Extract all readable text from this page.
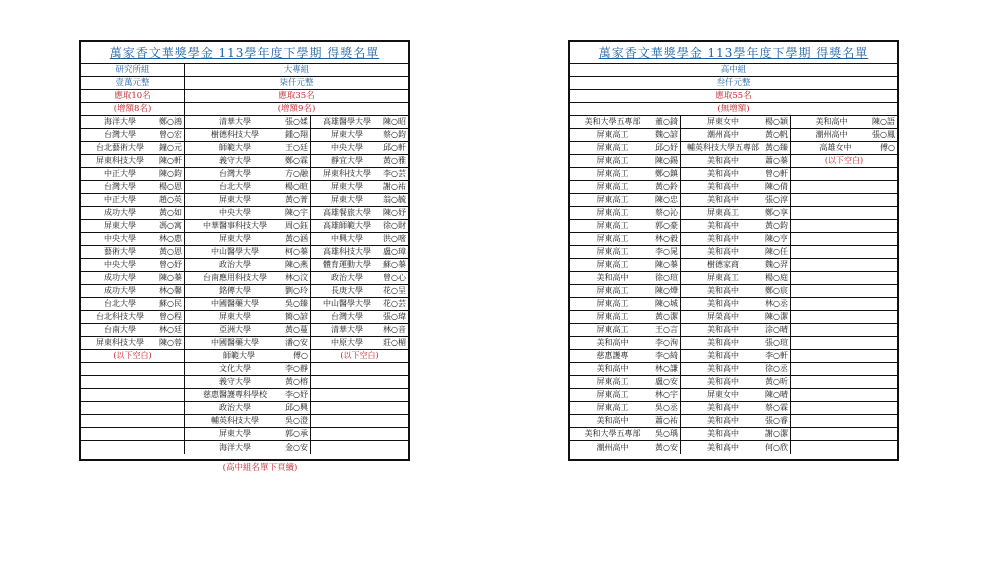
萬家香文華獎學金 113學年度下學期 得獎名單
研究所組	大專組
壹萬元整	柒仟元整
應取10名	應取35名
(增額8名)	(增額9名)
海洋大學	鄭○鴻	清華大學	張○媃	高雄醫學大學	陳○昭
台灣大學	曾○宏	樹德科技大學	鍾○翔	屏東大學	蔡○鈞
台北藝術大學	鐘○元	師範大學	王○廷	中央大學	邱○軒
屏東科技大學	陳○軒	義守大學	鄭○霖	靜宜大學	黃○雅
中正大學	陳○鈞	台灣大學	方○融	屏東科技大學	李○芸
台灣大學	楊○恩	台北大學	楊○暄	屏東大學	謝○祐
中正大學	趙○英	屏東大學	黃○菁	屏東大學	翁○毓
成功大學	黃○如	中央大學	陳○宇	高雄餐旅大學	陳○妤
屏東大學	馮○寓	中華醫事科技大學	周○鈺	高雄師範大學	徐○財
中央大學	林○惠	屏東大學	黃○涵	中興大學	洪○嘧
藝術大學	黃○恩	中山醫學大學	柯○蓁	高雄科技大學	盧○璋
中央大學	曾○妤	政治大學	陳○燕	體育運動大學	蘇○蓁
成功大學	陳○蓁	台南應用科技大學	林○汶	政治大學	曾○心
成功大學	林○馨	銘傳大學	劉○玲	長庚大學	花○呈
台北大學	蘇○民	中國醫藥大學	吳○臻	中山醫學大學	花○芸
台北科技大學	曾○程	屏東大學	簡○諺	台灣大學	張○瑋
台南大學	林○廷	亞洲大學	黃○蔓	清華大學	林○音
屏東科技大學	陳○蓉	中國醫藥大學	潘○安	中原大學	莊○楣
(以下空白)	師範大學	傅○	(以下空白)
文化大學	李○靜
義守大學	黃○榕
慈惠醫護專科學校	李○妤
政治大學	邱○興
輔英科技大學	吳○澄
屏東大學	郭○承
海洋大學	金○安
(高中組名單下頁續)
萬家香文華獎學金 113學年度下學期 得獎名單
高中組
叁仟元整
應取55名
(無增額)
美和大學五專部	董○錡	屏東女中	楊○穎	美和高中	陳○語
屏東高工	魏○諺	潮州高中	黃○帆	潮州高中	張○鳳
屏東高工	邱○妤	輔英科技大學五專部 黃○臻	高雄女中	傅○
屏東高工	陳○錫	美和高中	蕭○蓁	(以下空白)
屏東高工	鄭○鎮	美和高中	曾○軒
屏東高工	黃○鈴	美和高中	陳○倩
屏東高工	陳○忠	美和高中	張○淳
屏東高工	蔡○沁	屏東高工	鄭○享
屏東高工	郭○豪	美和高中	黃○鈞
屏東高工	林○毅	美和高中	陳○亨
屏東高工	李○晁	美和高中	陳○任
屏東高工	陳○蓁	樹德家商	魏○羿
美和高中	徐○瑄	屏東高工	楊○庭
屏東高工	陳○燁	美和高中	鄭○宸
屏東高工	陳○城	美和高中	林○丞
屏東高工	黃○潔	屏榮高中	陳○潔
屏東高工	王○言	美和高中	涂○晴
美和高中	李○洵	美和高中	張○瑄
慈惠護專	李○綺	美和高中	李○軒
美和高中	林○謙	美和高中	徐○丞
屏東高工	盧○安	美和高中	黃○昕
屏東高工	林○宇	屏東女中	陳○晴
屏東高工	吳○丞	美和高中	蔡○霖
美和高中	蕭○祐	美和高中	張○睿
美和大學五專部	吳○瑀	美和高中	謝○潔
潮州高中	黃○安	美和高中	何○欣
